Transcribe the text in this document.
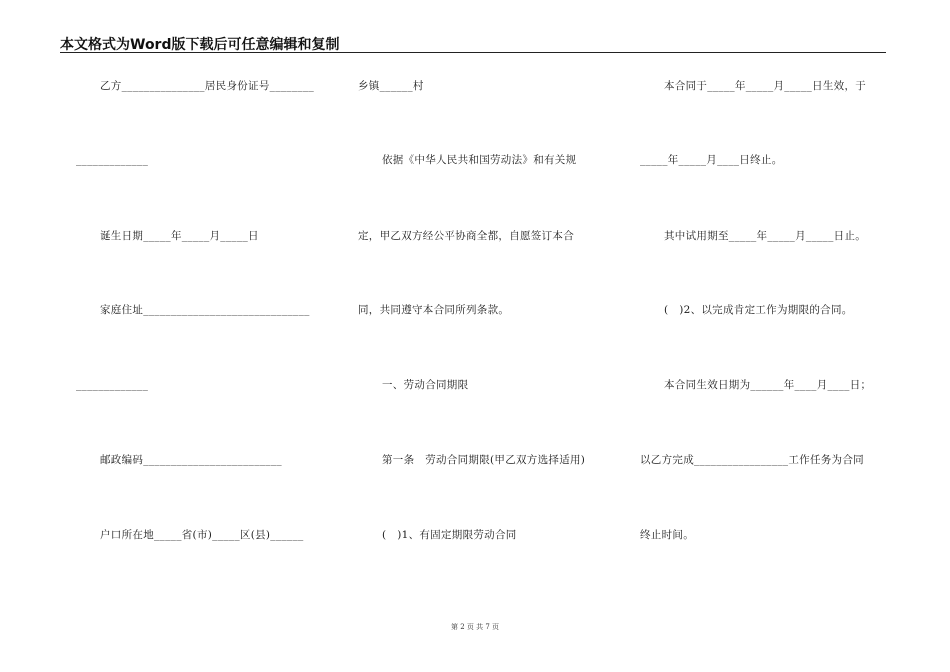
本文格式为Word版下载后可任意编辑和复制
乙方_______________居民身份证号________
_____________
诞生日期_____年_____月_____日
家庭住址______________________________
_____________
邮政编码_________________________
户口所在地_____省(市)_____区(县)______
乡镇______村
依据《中华人民共和国劳动法》和有关规
定，甲乙双方经公平协商全都，自愿签订本合
同，共同遵守本合同所列条款。
一、劳动合同期限
第一条　劳动合同期限(甲乙双方选择适用)
(　)1、有固定期限劳动合同
本合同于_____年_____月_____日生效，于
_____年_____月____日终止。
其中试用期至_____年_____月_____日止。
(　)2、以完成肯定工作为期限的合同。
本合同生效日期为______年____月____日；
以乙方完成_________________工作任务为合同
终止时间。
第 2 页 共 7 页
